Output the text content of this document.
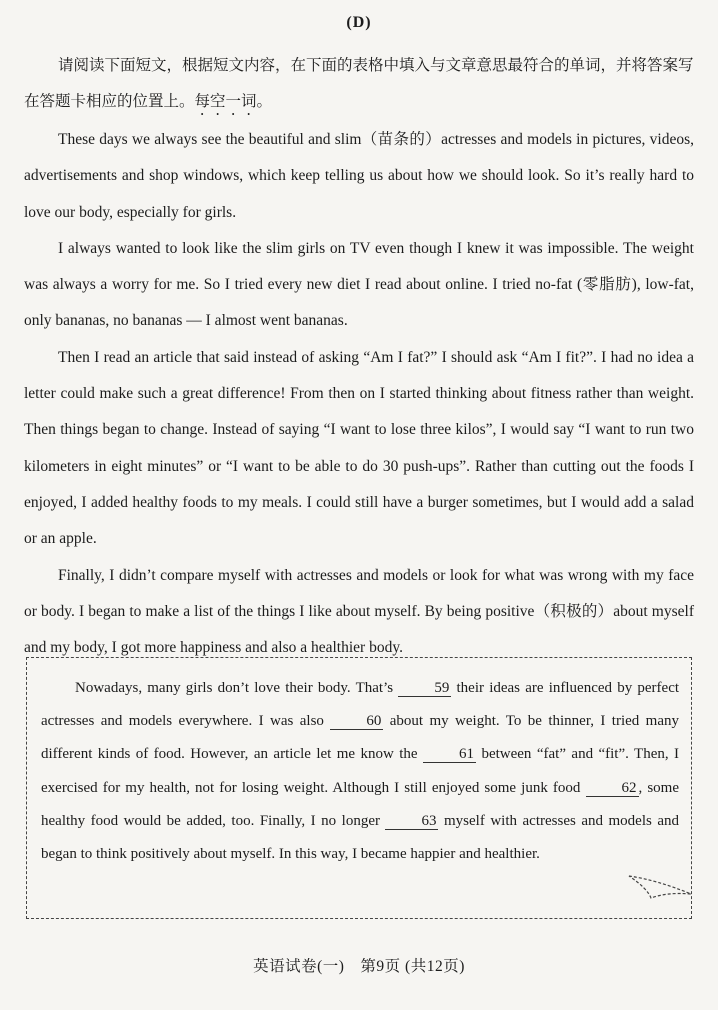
(D)
请阅读下面短文，根据短文内容，在下面的表格中填入与文章意思最符合的单词，并将答案写在答题卡相应的位置上。每空一词。

These days we always see the beautiful and slim（苗条的）actresses and models in pictures, videos, advertisements and shop windows, which keep telling us about how we should look. So it’s really hard to love our body, especially for girls.

I always wanted to look like the slim girls on TV even though I knew it was impossible. The weight was always a worry for me. So I tried every new diet I read about online. I tried no-fat (零脂肪), low-fat, only bananas, no bananas — I almost went bananas.

Then I read an article that said instead of asking “Am I fat?” I should ask “Am I fit?”. I had no idea a letter could make such a great difference! From then on I started thinking about fitness rather than weight. Then things began to change. Instead of saying “I want to lose three kilos”, I would say “I want to run two kilometers in eight minutes” or “I want to be able to do 30 push-ups”. Rather than cutting out the foods I enjoyed, I added healthy foods to my meals. I could still have a burger sometimes, but I would add a salad or an apple.

Finally, I didn’t compare myself with actresses and models or look for what was wrong with my face or body. I began to make a list of the things I like about myself. By being positive（积极的）about myself and my body, I got more happiness and also a healthier body.

Nowadays, many girls don’t love their body. That’s	59 their ideas are influenced by perfect actresses and models everywhere. I was also	60 about my weight. To be thinner, I tried many different kinds of food. However, an article let me know the	61 between “fat” and “fit”. Then, I exercised for my health, not for losing weight. Although I still enjoyed some junk food	62 , some healthy food would be added, too. Finally, I no longer	63 myself with actresses and models and began to think positively about myself. In this way, I became happier and healthier.

英语试卷(一)　第9页 (共12页)
